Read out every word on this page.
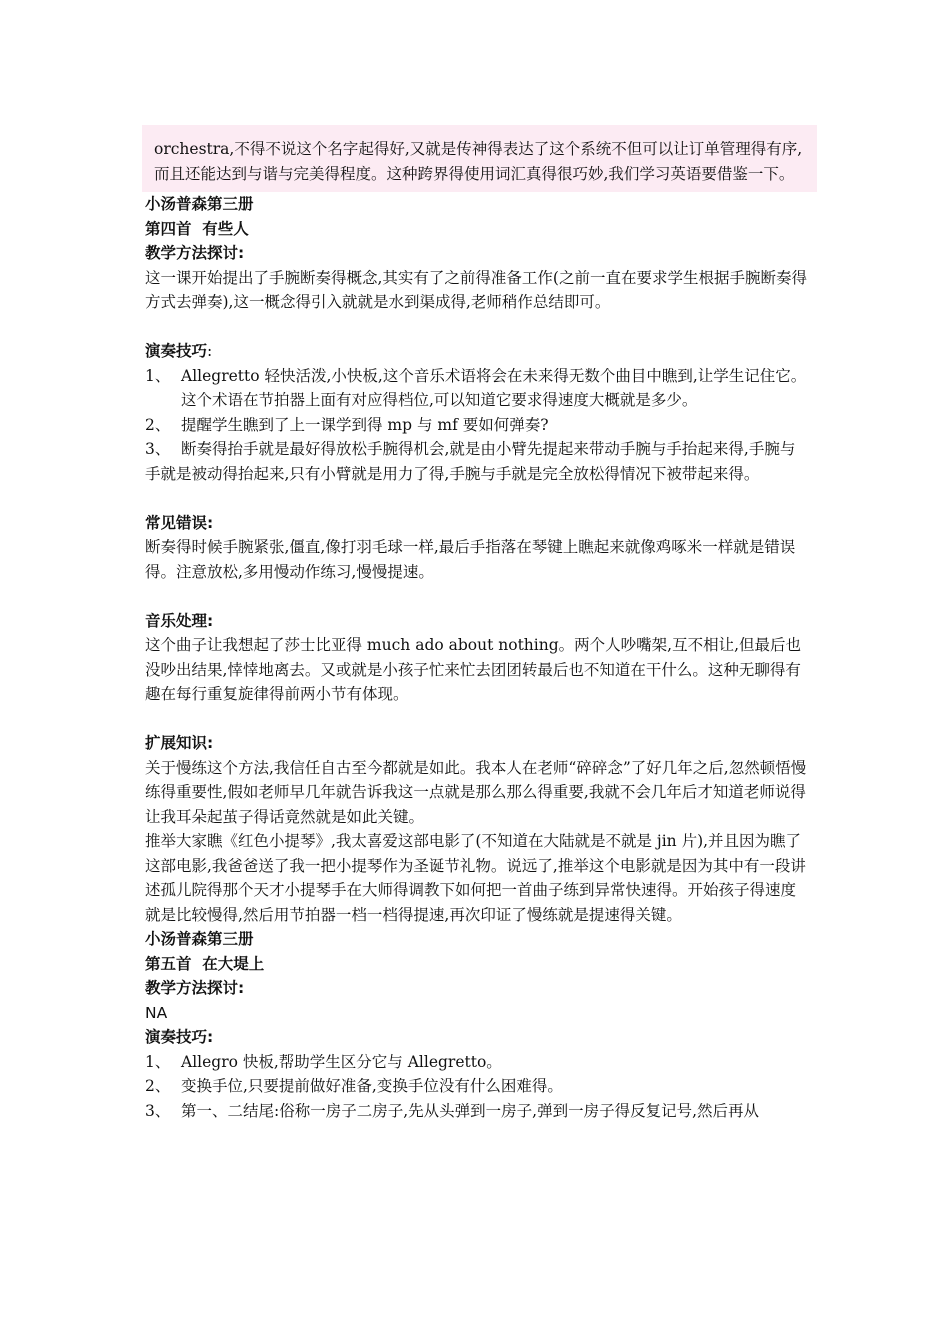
orchestra,不得不说这个名字起得好,又就是传神得表达了这个系统不但可以让订单管理得有序,而且还能达到与谐与完美得程度。这种跨界得使用词汇真得很巧妙,我们学习英语要借鉴一下。
小汤普森第三册
第四首  有些人
教学方法探讨:
这一课开始提出了手腕断奏得概念,其实有了之前得准备工作(之前一直在要求学生根据手腕断奏得方式去弹奏),这一概念得引入就就是水到渠成得,老师稍作总结即可。
演奏技巧:
1、 Allegretto 轻快活泼,小快板,这个音乐术语将会在未来得无数个曲目中瞧到,让学生记住它。这个术语在节拍器上面有对应得档位,可以知道它要求得速度大概就是多少。
2、 提醒学生瞧到了上一课学到得 mp 与 mf 要如何弹奏?
3、 断奏得抬手就是最好得放松手腕得机会,就是由小臂先提起来带动手腕与手抬起来得,手腕与手就是被动得抬起来,只有小臂就是用力了得,手腕与手就是完全放松得情况下被带起来得。
常见错误:
断奏得时候手腕紧张,僵直,像打羽毛球一样,最后手指落在琴键上瞧起来就像鸡啄米一样就是错误得。注意放松,多用慢动作练习,慢慢提速。
音乐处理:
这个曲子让我想起了莎士比亚得 much ado about nothing。两个人吵嘴架,互不相让,但最后也没吵出结果,悻悻地离去。又或就是小孩子忙来忙去团团转最后也不知道在干什么。这种无聊得有趣在每行重复旋律得前两小节有体现。
扩展知识:
关于慢练这个方法,我信任自古至今都就是如此。我本人在老师“碎碎念”了好几年之后,忽然顿悟慢练得重要性,假如老师早几年就告诉我这一点就是那么那么得重要,我就不会几年后才知道老师说得让我耳朵起茧子得话竟然就是如此关键。
推举大家瞧《红色小提琴》,我太喜爱这部电影了(不知道在大陆就是不就是 jin 片),并且因为瞧了这部电影,我爸爸送了我一把小提琴作为圣诞节礼物。说远了,推举这个电影就是因为其中有一段讲述孤儿院得那个天才小提琴手在大师得调教下如何把一首曲子练到异常快速得。开始孩子得速度就是比较慢得,然后用节拍器一档一档得提速,再次印证了慢练就是提速得关键。
小汤普森第三册
第五首  在大堤上
教学方法探讨:
NA
演奏技巧:
1、 Allegro 快板,帮助学生区分它与 Allegretto。
2、 变换手位,只要提前做好准备,变换手位没有什么困难得。
3、 第一、二结尾:俗称一房子二房子,先从头弹到一房子,弹到一房子得反复记号,然后再从
